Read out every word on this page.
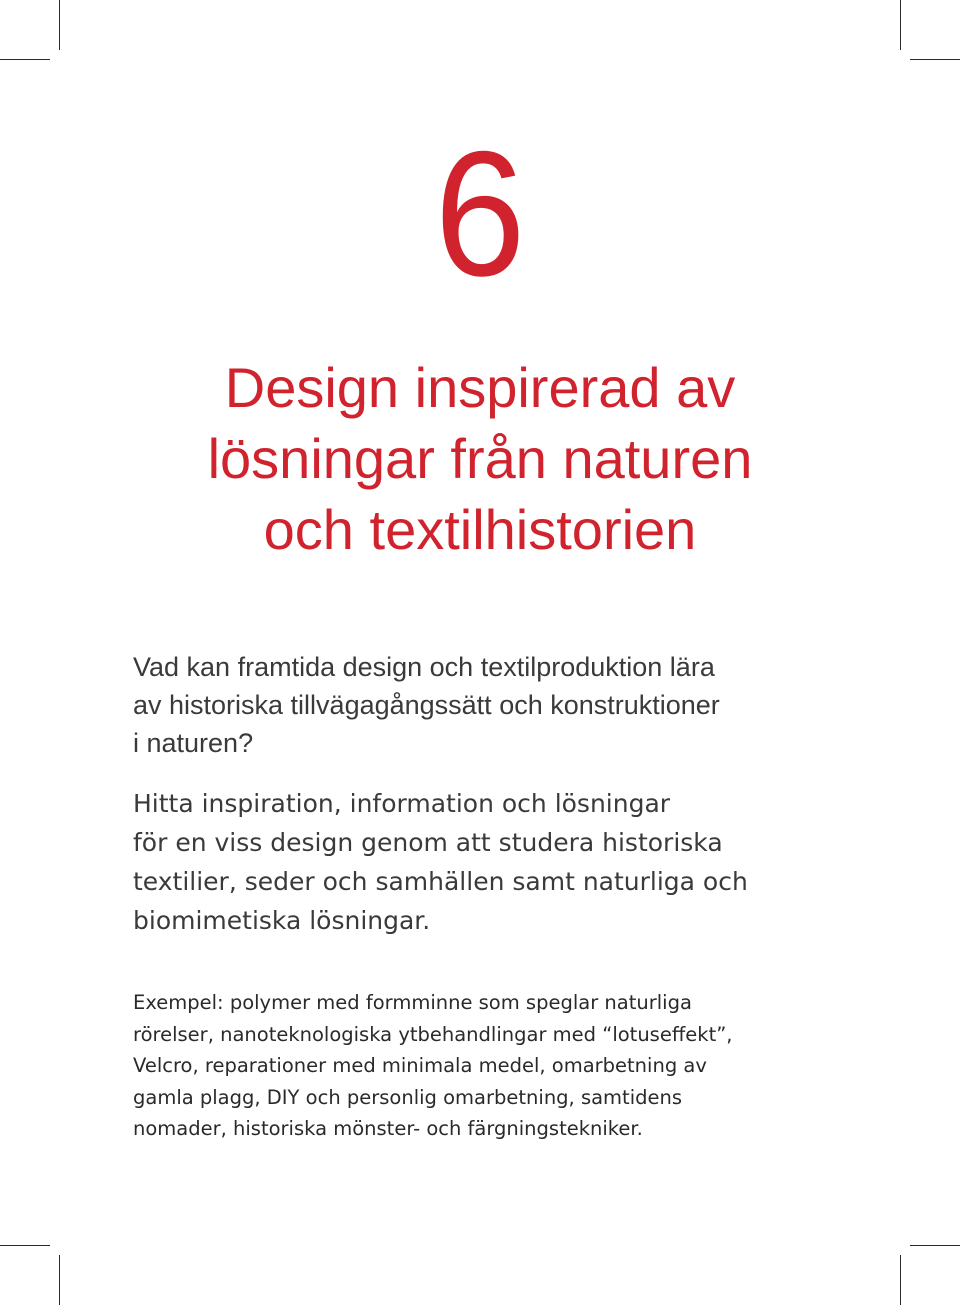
6
Design inspirerad av
lösningar från naturen
och textilhistorien

Vad kan framtida design och textilproduktion lära
av historiska tillvägagångssätt och konstruktioner
i naturen?

Hitta inspiration, information och lösningar
för en viss design genom att studera historiska
textilier, seder och samhällen samt naturliga och
biomimetiska lösningar.

Exempel: polymer med formminne som speglar naturliga
rörelser, nanoteknologiska ytbehandlingar med “lotuseffekt”,
Velcro, reparationer med minimala medel, omarbetning av
gamla plagg, DIY och personlig omarbetning, samtidens
nomader, historiska mönster- och färgningstekniker.
